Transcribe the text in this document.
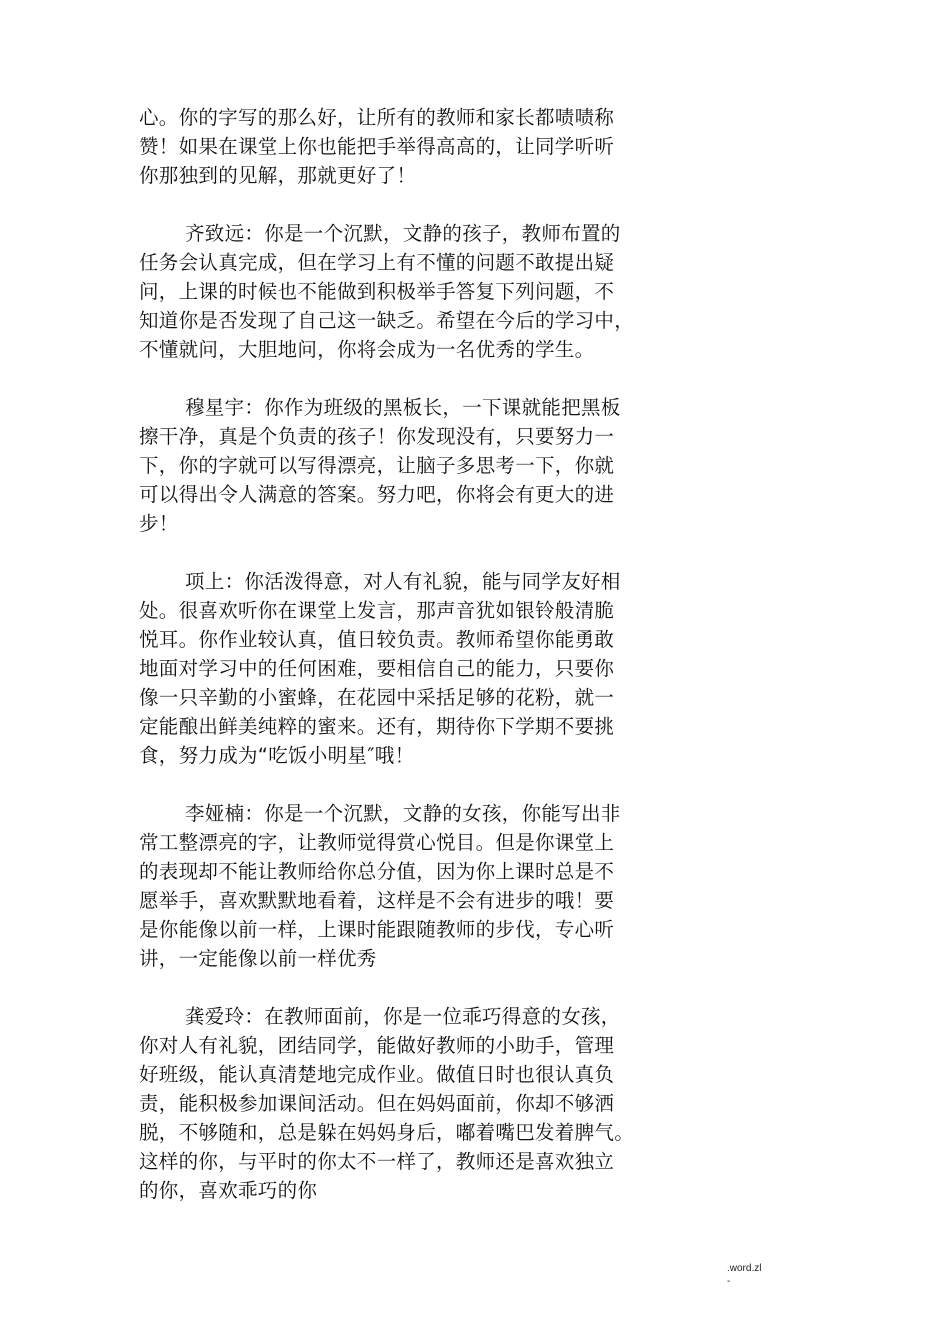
心。你的字写的那么好，让所有的教师和家长都啧啧称
赞！如果在课堂上你也能把手举得高高的，让同学听听
你那独到的见解，那就更好了！
齐致远：你是一个沉默，文静的孩子，教师布置的
任务会认真完成，但在学习上有不懂的问题不敢提出疑
问，上课的时候也不能做到积极举手答复下列问题，不
知道你是否发现了自己这一缺乏。希望在今后的学习中，
不懂就问，大胆地问，你将会成为一名优秀的学生。
穆星宇：你作为班级的黑板长，一下课就能把黑板
擦干净，真是个负责的孩子！你发现没有，只要努力一
下，你的字就可以写得漂亮，让脑子多思考一下，你就
可以得出令人满意的答案。努力吧，你将会有更大的进
步！
项上：你活泼得意，对人有礼貌，能与同学友好相
处。很喜欢听你在课堂上发言，那声音犹如银铃般清脆
悦耳。你作业较认真，值日较负责。教师希望你能勇敢
地面对学习中的任何困难，要相信自己的能力，只要你
像一只辛勤的小蜜蜂，在花园中采括足够的花粉，就一
定能酿出鲜美纯粹的蜜来。还有，期待你下学期不要挑
食，努力成为“吃饭小明星″哦！
李娅楠：你是一个沉默，文静的女孩，你能写出非
常工整漂亮的字，让教师觉得赏心悦目。但是你课堂上
的表现却不能让教师给你总分值，因为你上课时总是不
愿举手，喜欢默默地看着，这样是不会有进步的哦！要
是你能像以前一样，上课时能跟随教师的步伐，专心听
讲，一定能像以前一样优秀
龚爱玲：在教师面前，你是一位乖巧得意的女孩，
你对人有礼貌，团结同学，能做好教师的小助手，管理
好班级，能认真清楚地完成作业。做值日时也很认真负
责，能积极参加课间活动。但在妈妈面前，你却不够洒
脱，不够随和，总是躲在妈妈身后，嘟着嘴巴发着脾气。
这样的你，与平时的你太不一样了，教师还是喜欢独立
的你，喜欢乖巧的你
.word.zl
-
